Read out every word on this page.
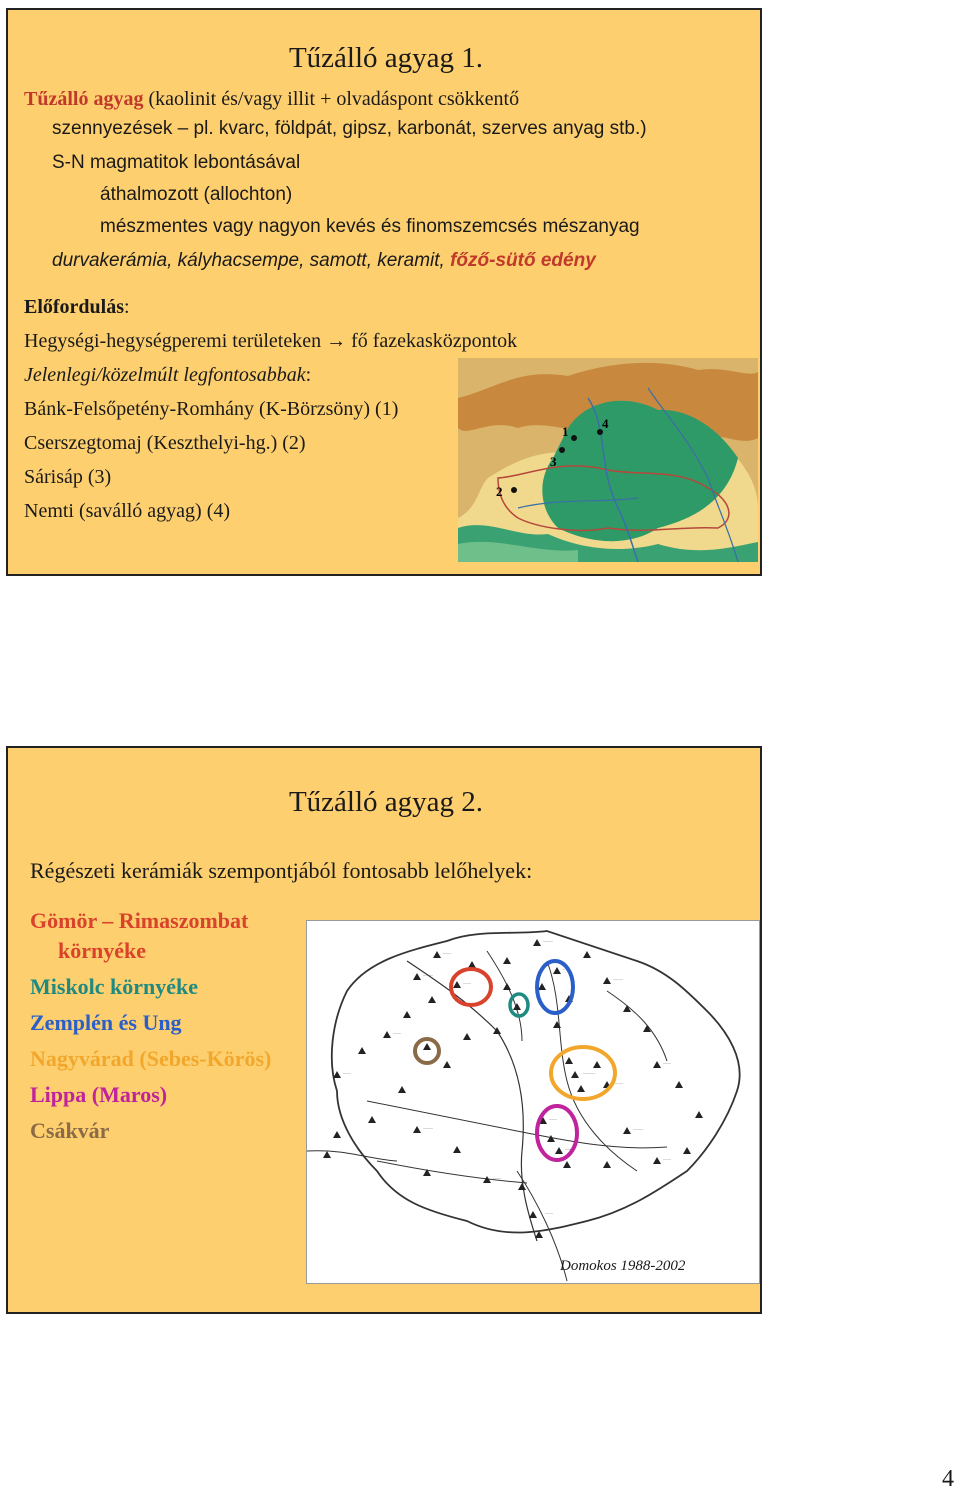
Tűzálló agyag 1.
Tűzálló agyag (kaolinit és/vagy illit + olvadáspont csökkentő
szennyezések – pl. kvarc, földpát, gipsz, karbonát, szerves anyag stb.)
S-N magmatitok lebontásával
áthalmozott (allochton)
mészmentes vagy nagyon kevés és finomszemcsés mészanyag
durvakerámia, kályhacsempe, samott, keramit, főző-sütő edény
Előfordulás:
Hegységi-hegységperemi területeken → fő fazekasközpontok
Jelenlegi/közelmúlt legfontosabbak:
Bánk-Felsőpetény-Romhány (K-Börzsöny) (1)
Cserszegtomaj (Keszthelyi-hg.) (2)
Sárisáp (3)
Nemti (saválló agyag) (4)
1
2
3
4
Tűzálló agyag 2.
Régészeti kerámiák szempontjából fontosabb lelőhelyek:
Gömör – Rimaszombat
környéke
Miskolc környéke
Zemplén és Ung
Nagyvárad (Sebes-Körös)
Lippa (Maros)
Csákvár
····
·····
····
·····
····
·····
····
····
·····
······
·····
····
····
····
·····
····
····
····
Domokos 1988-2002
4
